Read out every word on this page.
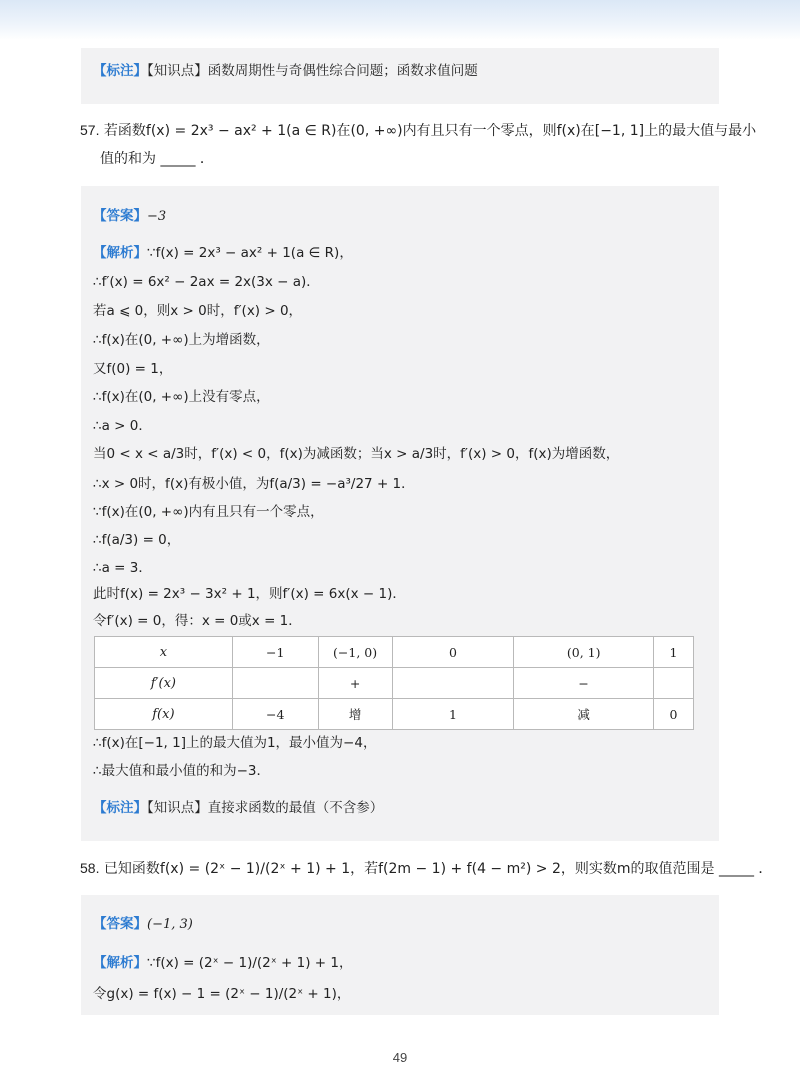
【标注】【知识点】函数周期性与奇偶性综合问题；函数求值问题
57. 若函数f(x) = 2x³ − ax² + 1(a ∈ R)在(0, +∞)内有且只有一个零点，则f(x)在[−1, 1]上的最大值与最小
值的和为 _____ ．
【答案】−3
【解析】∵f(x) = 2x³ − ax² + 1(a ∈ R)，
∴f′(x) = 6x² − 2ax = 2x(3x − a)．
若a ⩽ 0，则x > 0时，f′(x) > 0，
∴f(x)在(0, +∞)上为增函数，
又f(0) = 1，
∴f(x)在(0, +∞)上没有零点，
∴a > 0．
当0 < x < a/3时，f′(x) < 0，f(x)为减函数；当x > a/3时，f′(x) > 0，f(x)为增函数，
∴x > 0时，f(x)有极小值，为f(a/3) = −a³/27 + 1．
∵f(x)在(0, +∞)内有且只有一个零点，
∴f(a/3) = 0，
∴a = 3．
此时f(x) = 2x³ − 3x² + 1，则f′(x) = 6x(x − 1)．
令f′(x) = 0，得：x = 0或x = 1．
x	−1	(−1, 0)	0	(0, 1)	1
f′(x)		+		−	
f(x)	−4	增	1	减	0
∴f(x)在[−1, 1]上的最大值为1，最小值为−4，
∴最大值和最小值的和为−3．
【标注】【知识点】直接求函数的最值（不含参）
58. 已知函数f(x) = (2ˣ − 1)/(2ˣ + 1) + 1，若f(2m − 1) + f(4 − m²) > 2，则实数m的取值范围是 _____ ．
【答案】(−1, 3)
【解析】∵f(x) = (2ˣ − 1)/(2ˣ + 1) + 1，
令g(x) = f(x) − 1 = (2ˣ − 1)/(2ˣ + 1)，
49
